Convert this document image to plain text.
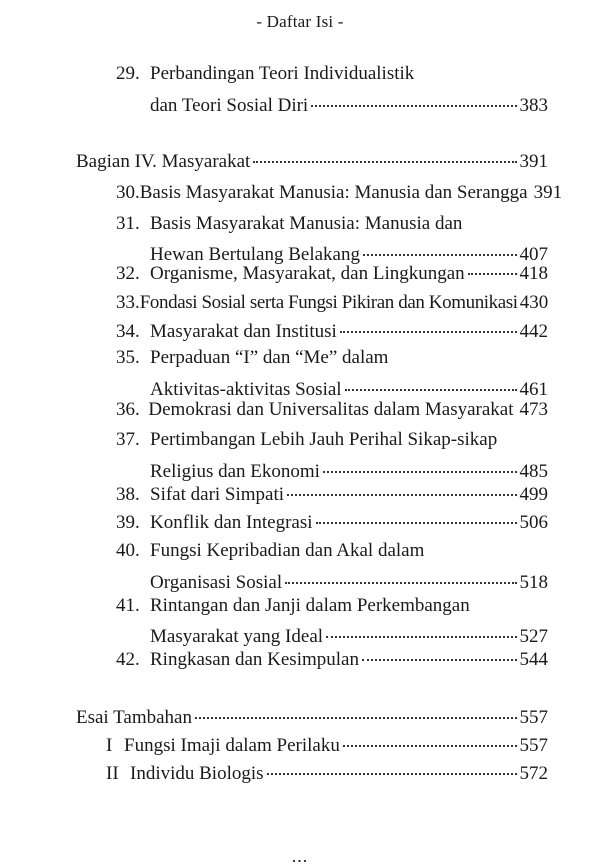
- Daftar Isi -
29. Perbandingan Teori Individualistik
dan Teori Sosial Diri	383
Bagian IV. Masyarakat	391
30. Basis Masyarakat Manusia: Manusia dan Serangga 391
31. Basis Masyarakat Manusia: Manusia dan
Hewan Bertulang Belakang	407
32. Organisme, Masyarakat, dan Lingkungan	418
33. Fondasi Sosial serta Fungsi Pikiran dan Komunikasi 430
34. Masyarakat dan Institusi	442
35. Perpaduan “I” dan “Me” dalam
Aktivitas-aktivitas Sosial	461
36. Demokrasi dan Universalitas dalam Masyarakat 473
37. Pertimbangan Lebih Jauh Perihal Sikap-sikap
Religius dan Ekonomi	485
38. Sifat dari Simpati	499
39. Konflik dan Integrasi	506
40. Fungsi Kepribadian dan Akal dalam
Organisasi Sosial	518
41. Rintangan dan Janji dalam Perkembangan
Masyarakat yang Ideal	527
42. Ringkasan dan Kesimpulan	544
Esai Tambahan	557
I Fungsi Imaji dalam Perilaku	557
II Individu Biologis	572
...
